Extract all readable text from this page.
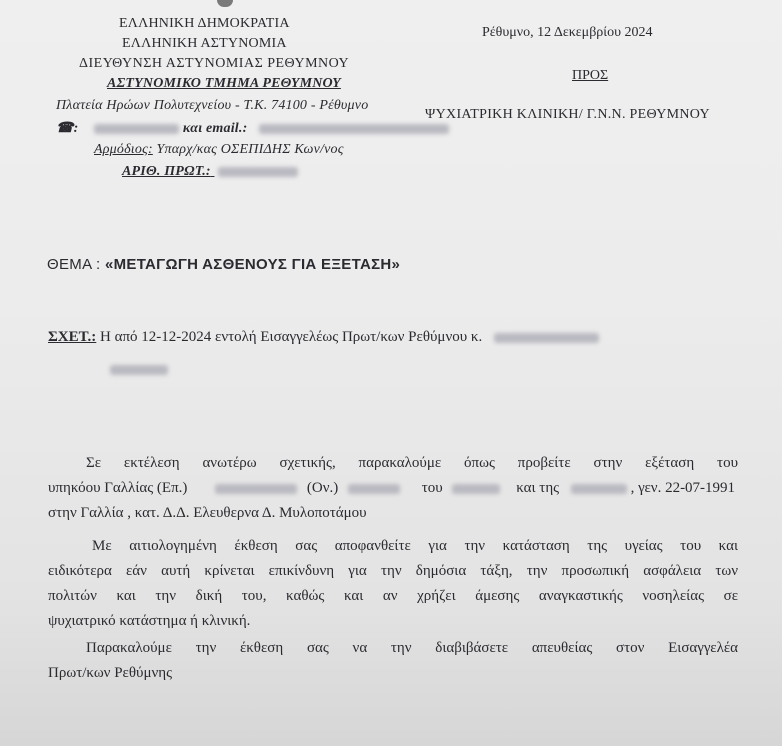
ΕΛΛΗΝΙΚΗ ΔΗΜΟΚΡΑΤΙΑ
ΕΛΛΗΝΙΚΗ ΑΣΤΥΝΟΜΙΑ
ΔΙΕΥΘΥΝΣΗ ΑΣΤΥΝΟΜΙΑΣ ΡΕΘΥΜΝΟΥ
ΑΣΤΥΝΟΜΙΚΟ ΤΜΗΜΑ ΡΕΘΥΜΝΟΥ
Πλατεία Ηρώων Πολυτεχνείου - Τ.Κ. 74100 - Ρέθυμνο
☎:	και email.:
Αρμόδιος: Υπαρχ/κας ΟΣΕΠΙΔΗΣ Κων/νος
ΑΡΙΘ. ΠΡΩΤ.:
Ρέθυμνο, 12 Δεκεμβρίου 2024
ΠΡΟΣ
ΨΥΧΙΑΤΡΙΚΗ ΚΛΙΝΙΚΗ/ Γ.Ν.Ν. ΡΕΘΥΜΝΟΥ
ΘΕΜΑ : «ΜΕΤΑΓΩΓΗ ΑΣΘΕΝΟΥΣ ΓΙΑ ΕΞΕΤΑΣΗ»
ΣΧΕΤ.: Η από 12-12-2024 εντολή Εισαγγελέως Πρωτ/κων Ρεθύμνου κ.
Σε εκτέλεση ανωτέρω σχετικής, παρακαλούμε όπως προβείτε στην εξέταση του
υπηκόου Γαλλίας (Επ.)	(Ον.)	του	και της	, γεν. 22-07-1991
στην Γαλλία , κατ. Δ.Δ. Ελευθερνα Δ. Μυλοποτάμου
Με αιτιολογημένη έκθεση σας αποφανθείτε για την κατάσταση της υγείας του και
ειδικότερα εάν αυτή κρίνεται επικίνδυνη για την δημόσια τάξη, την προσωπική ασφάλεια των
πολιτών και την δική του, καθώς και αν χρήζει άμεσης αναγκαστικής νοσηλείας σε
ψυχιατρικό κατάστημα ή κλινική.
Παρακαλούμε την έκθεση σας να την διαβιβάσετε απευθείας στον Εισαγγελέα
Πρωτ/κων Ρεθύμνης
